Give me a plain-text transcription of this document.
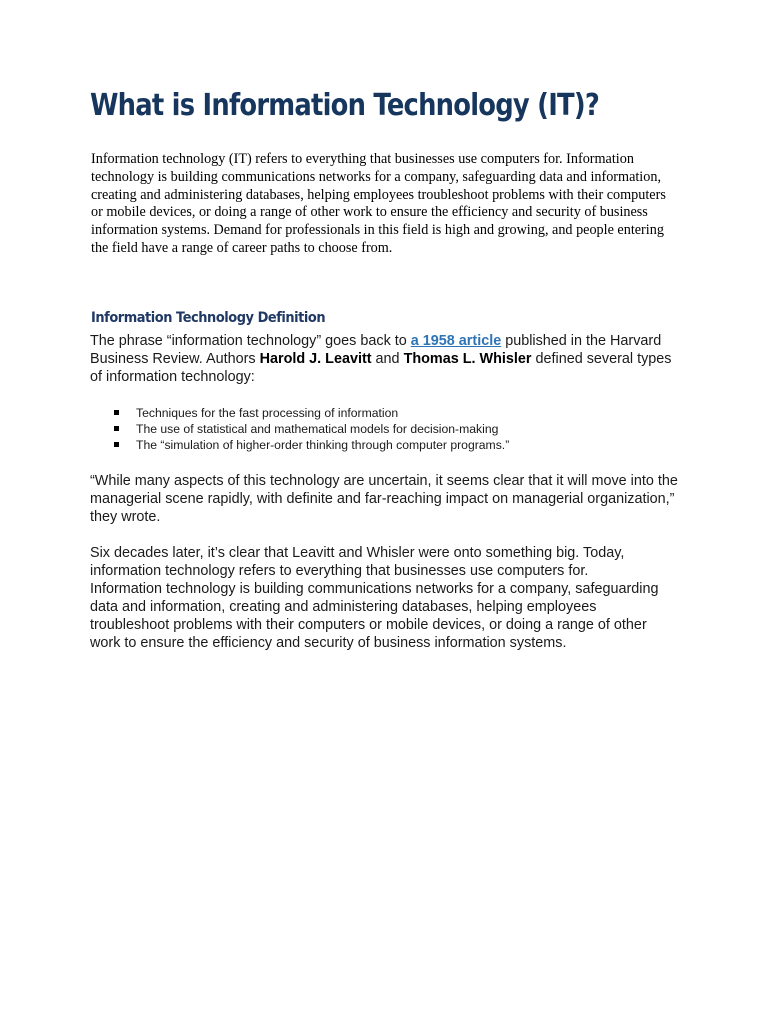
What is Information Technology (IT)?

Information technology (IT) refers to everything that businesses use computers for. Information technology is building communications networks for a company, safeguarding data and information, creating and administering databases, helping employees troubleshoot problems with their computers or mobile devices, or doing a range of other work to ensure the efficiency and security of business information systems. Demand for professionals in this field is high and growing, and people entering the field have a range of career paths to choose from.

Information Technology Definition

The phrase “information technology” goes back to a 1958 article published in the Harvard Business Review. Authors Harold J. Leavitt and Thomas L. Whisler defined several types of information technology:

Techniques for the fast processing of information
The use of statistical and mathematical models for decision-making
The “simulation of higher-order thinking through computer programs.”

“While many aspects of this technology are uncertain, it seems clear that it will move into the managerial scene rapidly, with definite and far-reaching impact on managerial organization,” they wrote.

Six decades later, it’s clear that Leavitt and Whisler were onto something big. Today, information technology refers to everything that businesses use computers for. Information technology is building communications networks for a company, safeguarding data and information, creating and administering databases, helping employees troubleshoot problems with their computers or mobile devices, or doing a range of other work to ensure the efficiency and security of business information systems.
